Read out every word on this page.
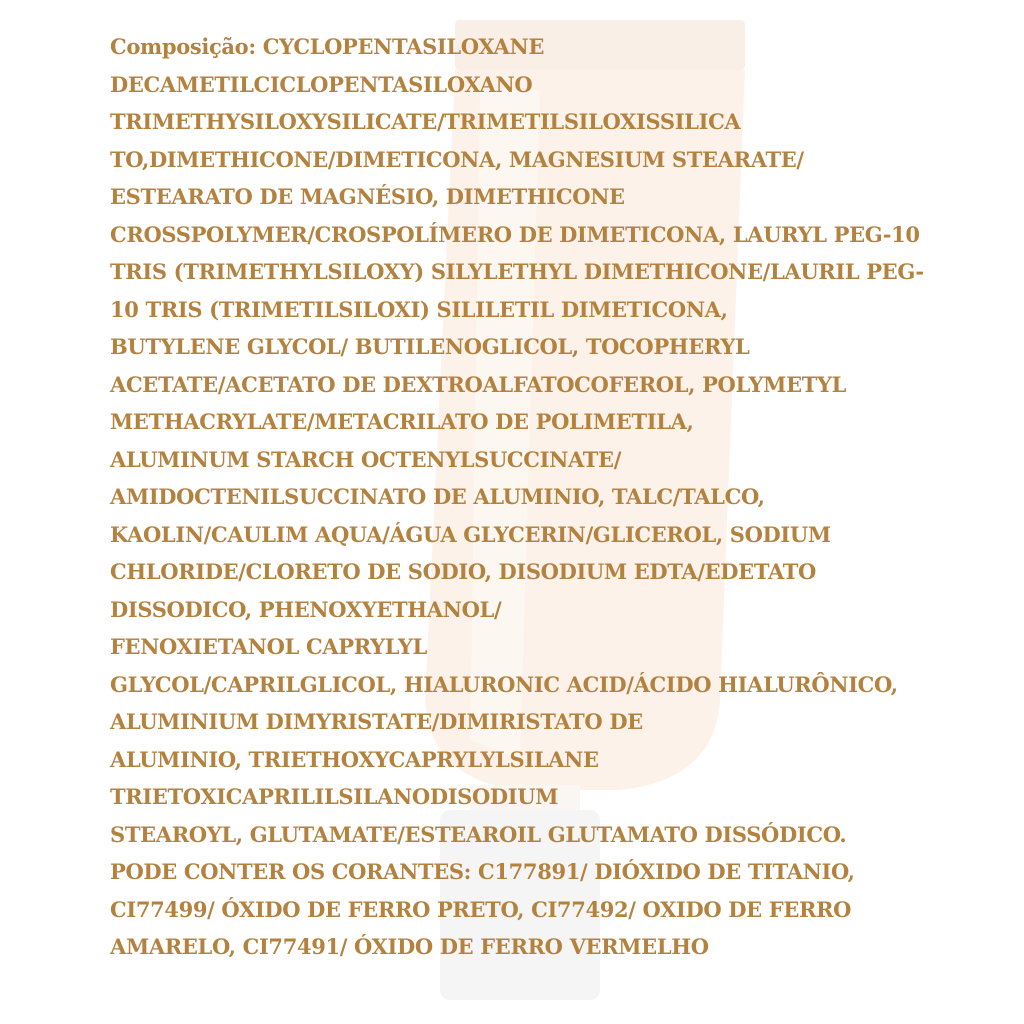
Composição: CYCLOPENTASILOXANE
DECAMETILCICLOPENTASILOXANO
TRIMETHYSILOXYSILICATE/TRIMETILSILOXISSILICA
TO,DIMETHICONE/DIMETICONA, MAGNESIUM STEARATE/
ESTEARATO DE MAGNÉSIO, DIMETHICONE
CROSSPOLYMER/CROSPOLÍMERO DE DIMETICONA, LAURYL PEG-10
TRIS (TRIMETHYLSILOXY) SILYLETHYL DIMETHICONE/LAURIL PEG-
10 TRIS (TRIMETILSILOXI) SILILETIL DIMETICONA,
BUTYLENE GLYCOL/ BUTILENOGLICOL, TOCOPHERYL
ACETATE/ACETATO DE DEXTROALFATOCOFEROL, POLYMETYL
METHACRYLATE/METACRILATO DE POLIMETILA,
ALUMINUM STARCH OCTENYLSUCCINATE/
AMIDOCTENILSUCCINATO DE ALUMINIO, TALC/TALCO,
KAOLIN/CAULIM AQUA/ÁGUA GLYCERIN/GLICEROL, SODIUM
CHLORIDE/CLORETO DE SODIO, DISODIUM EDTA/EDETATO
DISSODICO, PHENOXYETHANOL/
FENOXIETANOL CAPRYLYL
GLYCOL/CAPRILGLICOL, HIALURONIC ACID/ÁCIDO HIALURÔNICO,
ALUMINIUM DIMYRISTATE/DIMIRISTATO DE
ALUMINIO, TRIETHOXYCAPRYLYLSILANE
TRIETOXICAPRILILSILANODISODIUM
STEAROYL, GLUTAMATE/ESTEAROIL GLUTAMATO DISSÓDICO.
PODE CONTER OS CORANTES: C177891/ DIÓXIDO DE TITANIO,
CI77499/ ÓXIDO DE FERRO PRETO, CI77492/ OXIDO DE FERRO
AMARELO, CI77491/ ÓXIDO DE FERRO VERMELHO
